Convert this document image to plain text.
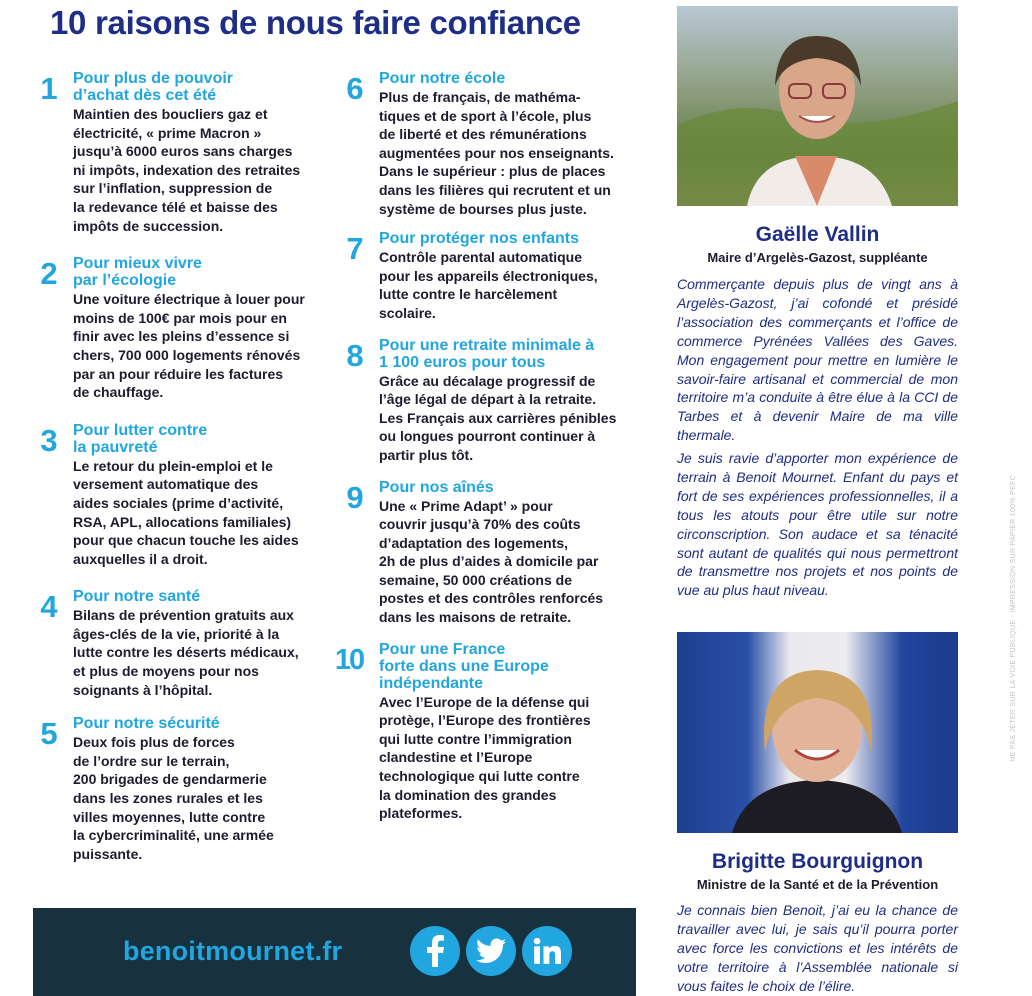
10 raisons de nous faire confiance
1 Pour plus de pouvoir
d’achat dès cet été

Maintien des boucliers gaz et
électricité, « prime Macron »
jusqu’à 6000 euros sans charges
ni impôts, indexation des retraites
sur l’inflation, suppression de
la redevance télé et baisse des
impôts de succession.

2 Pour mieux vivre
par l’écologie

Une voiture électrique à louer pour
moins de 100€ par mois pour en
finir avec les pleins d’essence si
chers, 700 000 logements rénovés
par an pour réduire les factures
de chauffage.

3 Pour lutter contre
la pauvreté

Le retour du plein-emploi et le
versement automatique des
aides sociales (prime d’activité,
RSA, APL, allocations familiales)
pour que chacun touche les aides
auxquelles il a droit.

4 Pour notre santé

Bilans de prévention gratuits aux
âges-clés de la vie, priorité à la
lutte contre les déserts médicaux,
et plus de moyens pour nos
soignants à l’hôpital.

5 Pour notre sécurité

Deux fois plus de forces
de l’ordre sur le terrain,
200 brigades de gendarmerie
dans les zones rurales et les
villes moyennes, lutte contre
la cybercriminalité, une armée
puissante.

6 Pour notre école

Plus de français, de mathéma-
tiques et de sport à l’école, plus
de liberté et des rémunérations
augmentées pour nos enseignants.
Dans le supérieur : plus de places
dans les filières qui recrutent et un
système de bourses plus juste.

7 Pour protéger nos enfants

Contrôle parental automatique
pour les appareils électroniques,
lutte contre le harcèlement
scolaire.

8 Pour une retraite minimale à
1 100 euros pour tous

Grâce au décalage progressif de
l’âge légal de départ à la retraite.
Les Français aux carrières pénibles
ou longues pourront continuer à
partir plus tôt.

9 Pour nos aînés

Une « Prime Adapt’ » pour
couvrir jusqu’à 70% des coûts
d’adaptation des logements,
2h de plus d’aides à domicile par
semaine, 50 000 créations de
postes et des contrôles renforcés
dans les maisons de retraite.

10 Pour une France
forte dans une Europe
indépendante

Avec l’Europe de la défense qui
protège, l’Europe des frontières
qui lutte contre l’immigration
clandestine et l’Europe
technologique qui lutte contre
la domination des grandes
plateformes.

Gaëlle Vallin

Maire d’Argelès-Gazost, suppléante

Commerçante depuis plus de vingt ans à Argelès-Gazost, j’ai cofondé et présidé l’association des commerçants et l’office de commerce Pyrénées Vallées des Gaves. Mon engagement pour mettre en lumière le savoir-faire artisanal et commercial de mon territoire m’a conduite à être élue à la CCI de Tarbes et à devenir Maire de ma ville thermale.

Je suis ravie d’apporter mon expérience de terrain à Benoit Mournet. Enfant du pays et fort de ses expériences professionnelles, il a tous les atouts pour être utile sur notre circonscription. Son audace et sa ténacité sont autant de qualités qui nous permettront de transmettre nos projets et nos points de vue au plus haut niveau.

Brigitte Bourguignon

Ministre de la Santé et de la Prévention

Je connais bien Benoit, j’ai eu la chance de travailler avec lui, je sais qu’il pourra porter avec force les convictions et les intérêts de votre territoire à l’Assemblée nationale si vous faites le choix de l’élire.

benoitmournet.fr
NE PAS JETER SUR LA VOIE PUBLIQUE - IMPRESSION SUR PAPIER 100% PEFC
